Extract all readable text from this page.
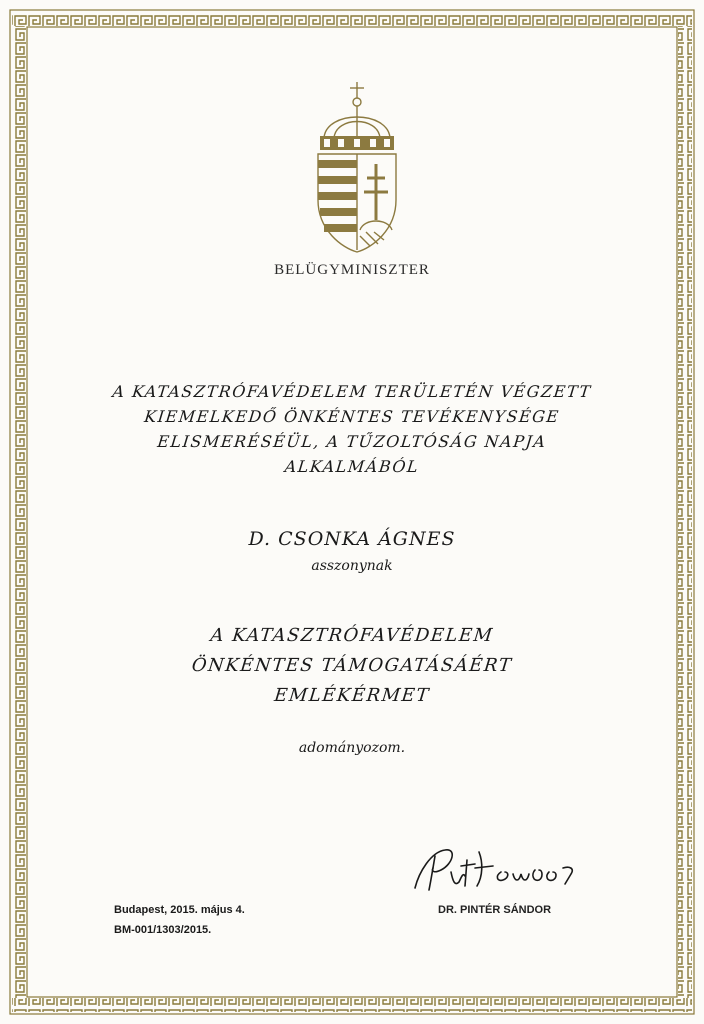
BELÜGYMINISZTER
A KATASZTRÓFAVÉDELEM TERÜLETÉN VÉGZETT
KIEMELKEDŐ ÖNKÉNTES TEVÉKENYSÉGE
ELISMERÉSÉÜL, A TŰZOLTÓSÁG NAPJA
ALKALMÁBÓL
D. CSONKA ÁGNES
asszonynak
A KATASZTRÓFAVÉDELEM
ÖNKÉNTES TÁMOGATÁSÁÉRT
EMLÉKÉRMET
adományozom.
Budapest, 2015. május 4.
BM-001/1303/2015.
DR. PINTÉR SÁNDOR
